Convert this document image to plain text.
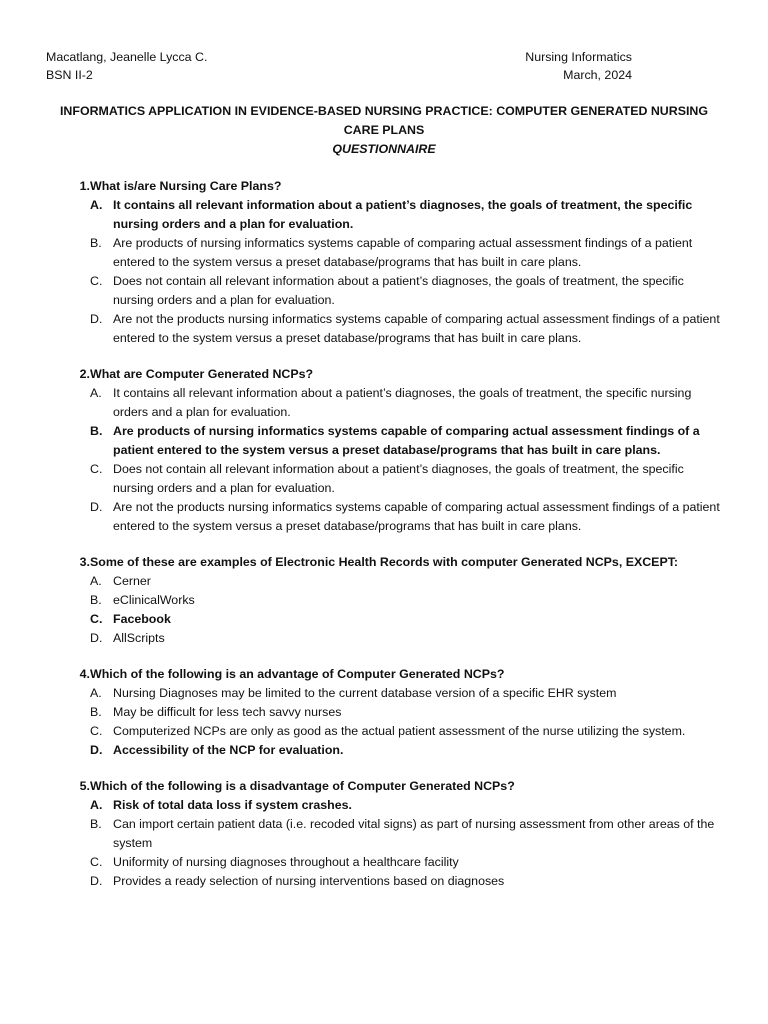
Macatlang, Jeanelle Lycca C.
BSN II-2
Nursing Informatics
March, 2024
INFORMATICS APPLICATION IN EVIDENCE-BASED NURSING PRACTICE: COMPUTER GENERATED NURSING
CARE PLANS
QUESTIONNAIRE
1. What is/are Nursing Care Plans?
A. It contains all relevant information about a patient’s diagnoses, the goals of treatment, the specific nursing orders and a plan for evaluation.
B. Are products of nursing informatics systems capable of comparing actual assessment findings of a patient entered to the system versus a preset database/programs that has built in care plans.
C. Does not contain all relevant information about a patient’s diagnoses, the goals of treatment, the specific nursing orders and a plan for evaluation.
D. Are not the products nursing informatics systems capable of comparing actual assessment findings of a patient entered to the system versus a preset database/programs that has built in care plans.
2. What are Computer Generated NCPs?
A. It contains all relevant information about a patient’s diagnoses, the goals of treatment, the specific nursing orders and a plan for evaluation.
B. Are products of nursing informatics systems capable of comparing actual assessment findings of a patient entered to the system versus a preset database/programs that has built in care plans.
C. Does not contain all relevant information about a patient’s diagnoses, the goals of treatment, the specific nursing orders and a plan for evaluation.
D. Are not the products nursing informatics systems capable of comparing actual assessment findings of a patient entered to the system versus a preset database/programs that has built in care plans.
3. Some of these are examples of Electronic Health Records with computer Generated NCPs, EXCEPT:
A. Cerner
B. eClinicalWorks
C. Facebook
D. AllScripts
4. Which of the following is an advantage of Computer Generated NCPs?
A. Nursing Diagnoses may be limited to the current database version of a specific EHR system
B. May be difficult for less tech savvy nurses
C. Computerized NCPs are only as good as the actual patient assessment of the nurse utilizing the system.
D. Accessibility of the NCP for evaluation.
5. Which of the following is a disadvantage of Computer Generated NCPs?
A. Risk of total data loss if system crashes.
B. Can import certain patient data (i.e. recoded vital signs) as part of nursing assessment from other areas of the system
C. Uniformity of nursing diagnoses throughout a healthcare facility
D. Provides a ready selection of nursing interventions based on diagnoses
